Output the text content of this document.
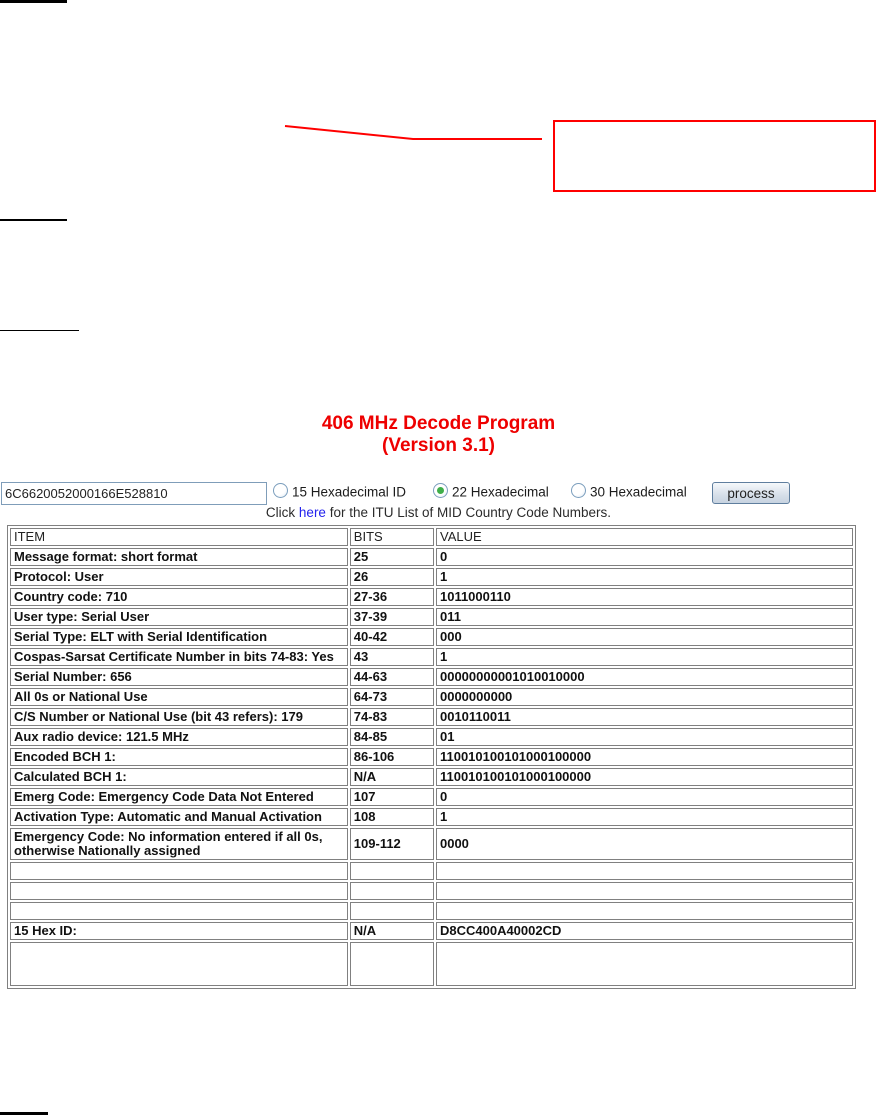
406 MHz Decode Program
(Version 3.1)
6C6620052000166E528810
15 Hexadecimal ID	22 Hexadecimal	30 Hexadecimal	process
Click here for the ITU List of MID Country Code Numbers.
ITEM	BITS	VALUE
Message format: short format	25	0
Protocol: User	26	1
Country code: 710	27-36	1011000110
User type: Serial User	37-39	011
Serial Type: ELT with Serial Identification	40-42	000
Cospas-Sarsat Certificate Number in bits 74-83: Yes	43	1
Serial Number: 656	44-63	00000000001010010000
All 0s or National Use	64-73	0000000000
C/S Number or National Use (bit 43 refers): 179	74-83	0010110011
Aux radio device: 121.5 MHz	84-85	01
Encoded BCH 1:	86-106	110010100101000100000
Calculated BCH 1:	N/A	110010100101000100000
Emerg Code: Emergency Code Data Not Entered	107	0
Activation Type: Automatic and Manual Activation	108	1
Emergency Code: No information entered if all 0s, otherwise Nationally assigned	109-112	0000

15 Hex ID:	N/A	D8CC400A40002CD
